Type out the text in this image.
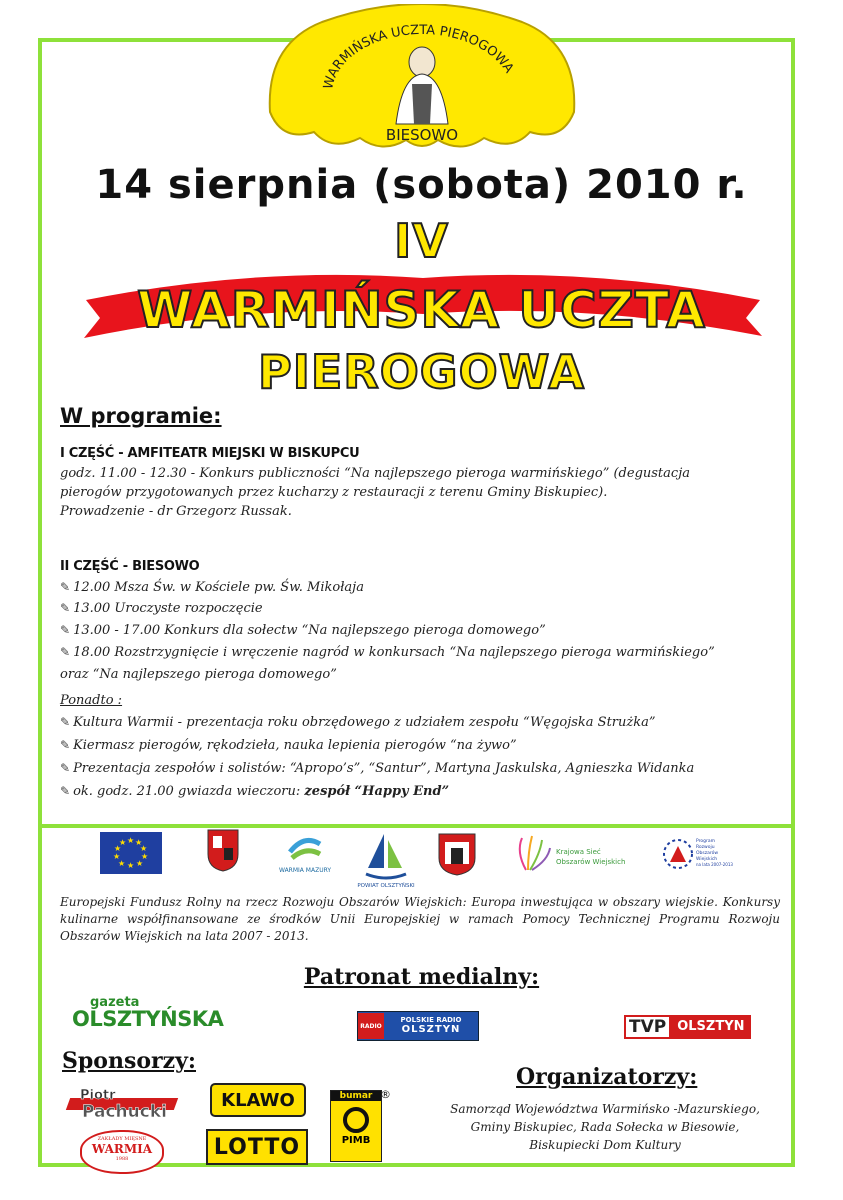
WARMIŃSKA UCZTA PIEROGOWA
BIESOWO
14 sierpnia (sobota) 2010 r.
IV
WARMIŃSKA UCZTA
PIEROGOWA
W programie:
I CZĘŚĆ - AMFITEATR MIEJSKI W BISKUPCU
godz. 11.00 - 12.30 - Konkurs publiczności “Na najlepszego pieroga warmińskiego” (degustacja
pierogów przygotowanych przez kucharzy z restauracji z terenu Gminy Biskupiec).
Prowadzenie - dr Grzegorz Russak.
II CZĘŚĆ - BIESOWO
✎ 12.00 Msza Św. w Kościele pw. Św. Mikołaja
✎ 13.00 Uroczyste rozpoczęcie
✎ 13.00 - 17.00 Konkurs dla sołectw “Na najlepszego pieroga domowego”
✎ 18.00 Rozstrzygnięcie i wręczenie nagród w konkursach “Na najlepszego pieroga warmińskiego”
oraz “Na najlepszego pieroga domowego”
Ponadto :
✎ Kultura Warmii - prezentacja roku obrzędowego z udziałem zespołu “Węgojska Strużka”
✎ Kiermasz pierogów, rękodzieła, nauka lepienia pierogów “na żywo”
✎ Prezentacja zespołów i solistów: “Apropo’s”, “Santur”, Martyna Jaskulska, Agnieszka Widanka
✎ ok. godz. 21.00 gwiazda wieczoru: zespół “Happy End”
★ ★
★
★
★
★
★
★
★
★
WARMIA MAZURY
POWIAT OLSZTYŃSKI
Krajowa Sieć
Obszarów Wiejskich
Program
Rozwoju
Obszarów
Wiejskich
na lata 2007-2013
Europejski Fundusz Rolny na rzecz Rozwoju Obszarów Wiejskich: Europa inwestująca w obszary wiejskie. Konkursy kulinarne współfinansowane ze środków Unii Europejskiej w ramach Pomocy Technicznej Programu Rozwoju Obszarów Wiejskich na lata 2007 - 2013.
Patronat medialny:
gazeta
OLSZTYŃSKA	RADIO
POLSKIE RADIO
OLSZTYN	TVP OLSZTYN
Sponsorzy:
Organizatorzy:
Piotr
Pachucki
KLAWO
LOTTO
bumar
PIMB
®
ZAKŁADY MIĘSNE
WARMIA
1988
Samorząd Województwa Warmińsko -Mazurskiego,
Gminy Biskupiec, Rada Sołecka w Biesowie,
Biskupiecki Dom Kultury
